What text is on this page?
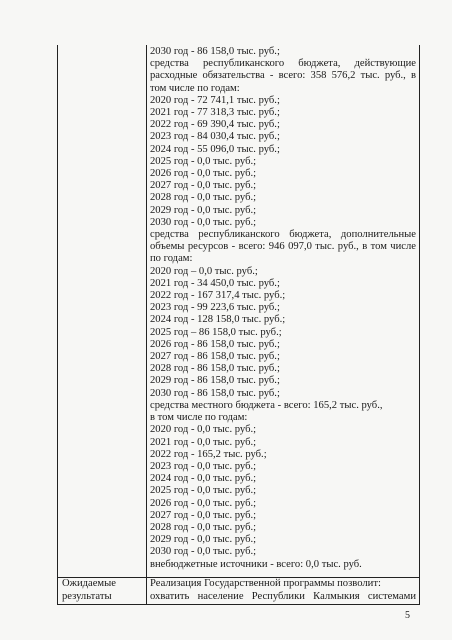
2030 год - 86 158,0 тыс. руб.;
средства республиканского бюджета, действующие
расходные обязательства - всего: 358 576,2 тыс. руб., в
том числе по годам:
2020 год - 72 741,1 тыс. руб.;
2021 год - 77 318,3 тыс. руб.;
2022 год - 69 390,4 тыс. руб.;
2023 год - 84 030,4 тыс. руб.;
2024 год - 55 096,0 тыс. руб.;
2025 год - 0,0 тыс. руб.;
2026 год - 0,0 тыс. руб.;
2027 год - 0,0 тыс. руб.;
2028 год - 0,0 тыс. руб.;
2029 год - 0,0 тыс. руб.;
2030 год - 0,0 тыс. руб.;
средства республиканского бюджета, дополнительные
объемы ресурсов - всего: 946 097,0 тыс. руб., в том числе
по годам:
2020 год – 0,0 тыс. руб.;
2021 год - 34 450,0 тыс. руб.;
2022 год - 167 317,4 тыс. руб.;
2023 год - 99 223,6 тыс. руб.;
2024 год - 128 158,0 тыс. руб.;
2025 год – 86 158,0 тыс. руб.;
2026 год - 86 158,0 тыс. руб.;
2027 год - 86 158,0 тыс. руб.;
2028 год - 86 158,0 тыс. руб.;
2029 год - 86 158,0 тыс. руб.;
2030 год - 86 158,0 тыс. руб.;
средства местного бюджета - всего: 165,2 тыс. руб.,
в том числе по годам:
2020 год - 0,0 тыс. руб.;
2021 год - 0,0 тыс. руб.;
2022 год - 165,2 тыс. руб.;
2023 год - 0,0 тыс. руб.;
2024 год - 0,0 тыс. руб.;
2025 год - 0,0 тыс. руб.;
2026 год - 0,0 тыс. руб.;
2027 год - 0,0 тыс. руб.;
2028 год - 0,0 тыс. руб.;
2029 год - 0,0 тыс. руб.;
2030 год - 0,0 тыс. руб.;
внебюджетные источники - всего: 0,0 тыс. руб.
Ожидаемые
результаты
Реализация Государственной программы позволит:
охватить население Республики Калмыкия системами
5
